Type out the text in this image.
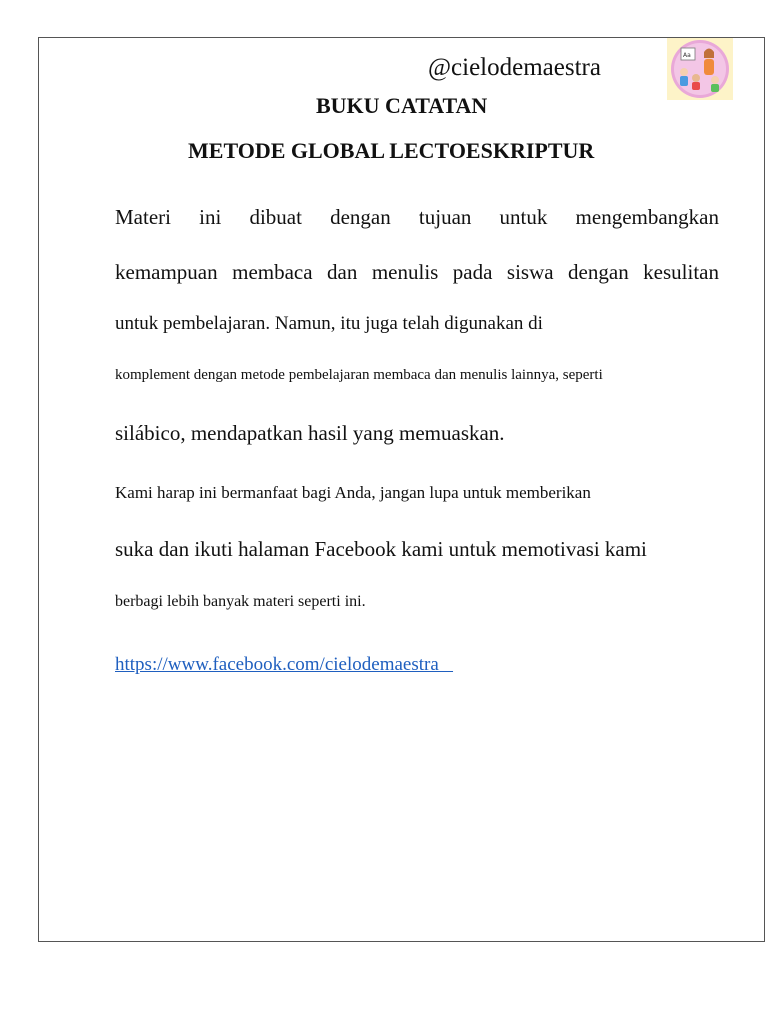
@cielodemaestra	Aa
BUKU CATATAN
METODE GLOBAL LECTOESKRIPTUR
Materi ini dibuat dengan tujuan untuk mengembangkan
kemampuan membaca dan menulis pada siswa dengan kesulitan
untuk pembelajaran. Namun, itu juga telah digunakan di
komplement dengan metode pembelajaran membaca dan menulis lainnya, seperti
silábico, mendapatkan hasil yang memuaskan.
Kami harap ini bermanfaat bagi Anda, jangan lupa untuk memberikan
suka dan ikuti halaman Facebook kami untuk memotivasi kami
berbagi lebih banyak materi seperti ini.
https://www.facebook.com/cielodemaestra
